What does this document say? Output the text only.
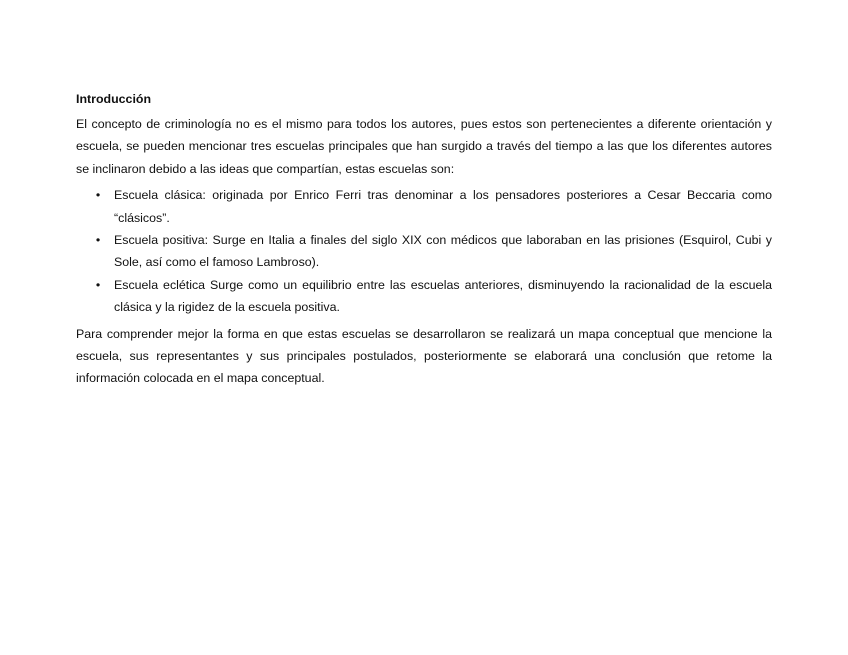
Introducción

El concepto de criminología no es el mismo para todos los autores, pues estos son pertenecientes a diferente orientación y escuela, se pueden mencionar tres escuelas principales que han surgido a través del tiempo a las que los diferentes autores se inclinaron debido a las ideas que compartían, estas escuelas son:

• Escuela clásica: originada por Enrico Ferri tras denominar a los pensadores posteriores a Cesar Beccaria como “clásicos”.
• Escuela positiva: Surge en Italia a finales del siglo XIX con médicos que laboraban en las prisiones (Esquirol, Cubi y Sole, así como el famoso Lambroso).
• Escuela eclética Surge como un equilibrio entre las escuelas anteriores, disminuyendo la racionalidad de la escuela clásica y la rigidez de la escuela positiva.

Para comprender mejor la forma en que estas escuelas se desarrollaron se realizará un mapa conceptual que mencione la escuela, sus representantes y sus principales postulados, posteriormente se elaborará una conclusión que retome la información colocada en el mapa conceptual.
